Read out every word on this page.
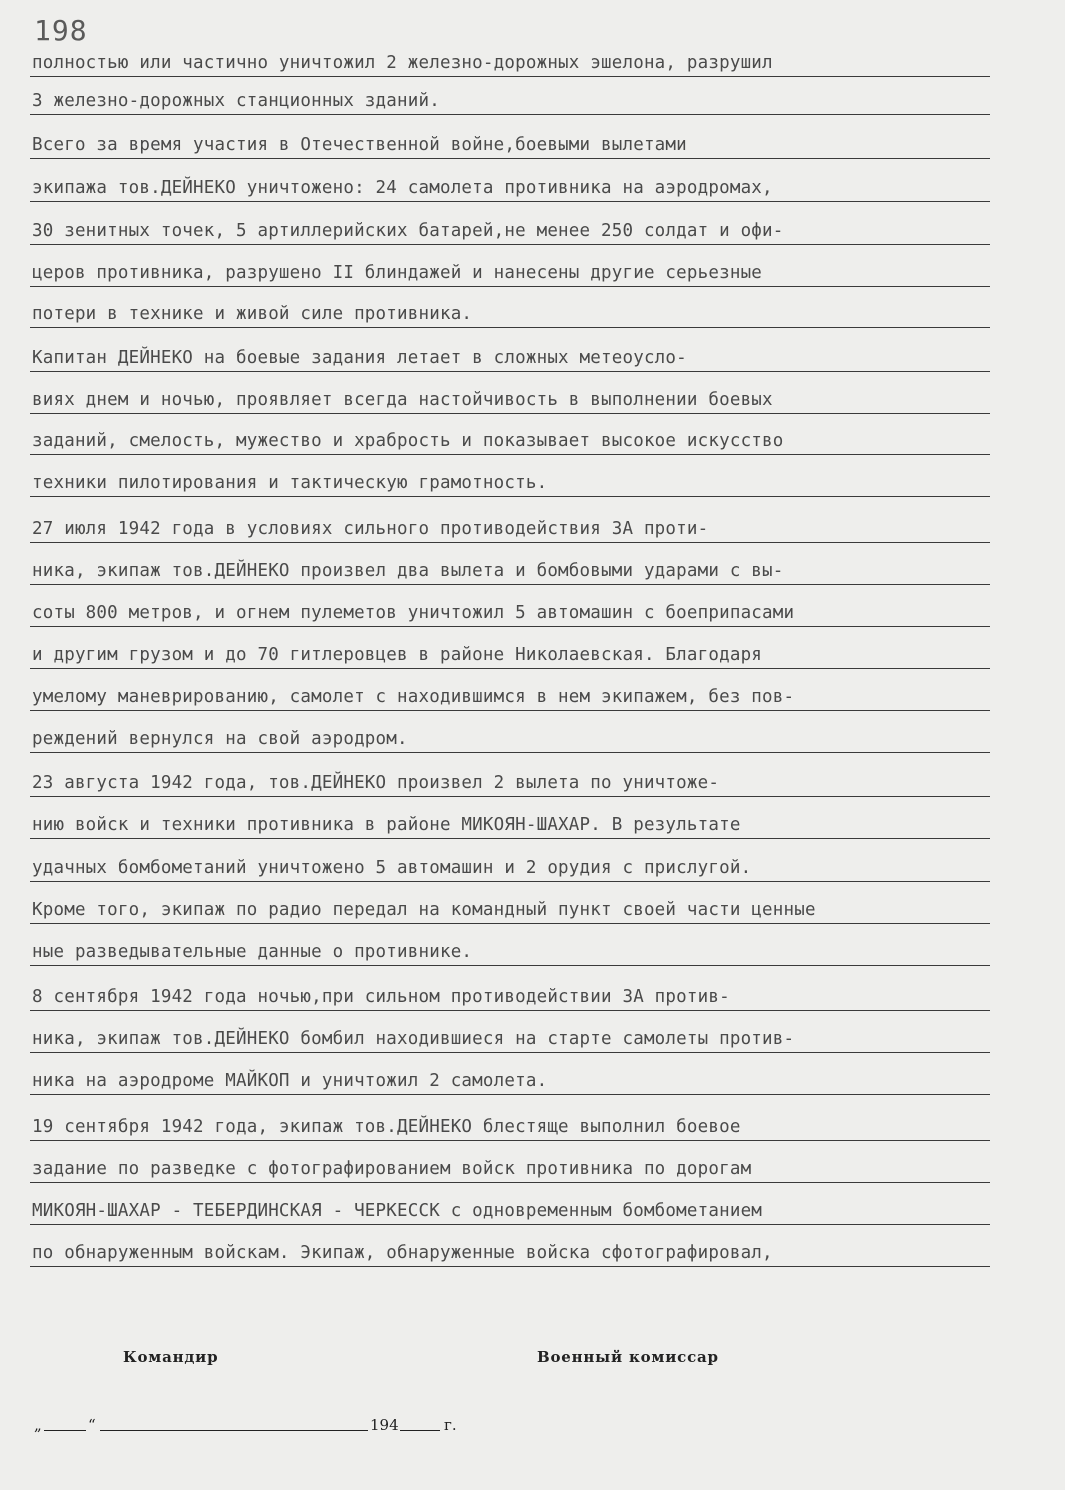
198
полностью или частично уничтожил 2 железно-дорожных эшелона, разрушил
3 железно-дорожных станционных зданий.
Всего за время участия в Отечественной войне,боевыми вылетами
экипажа тов.ДЕЙНЕКО уничтожено: 24 самолета противника на аэродромах,
30 зенитных точек, 5 артиллерийских батарей,не менее 250 солдат и офи-
церов противника, разрушено II блиндажей и нанесены другие серьезные
потери в технике и живой силе противника.
Капитан ДЕЙНЕКО на боевые задания летает в сложных метеоусло-
виях днем и ночью, проявляет всегда настойчивость в выполнении боевых
заданий, смелость, мужество и храбрость и показывает высокое искусство
техники пилотирования и тактическую грамотность.
27 июля 1942 года в условиях сильного противодействия ЗА проти-
ника, экипаж тов.ДЕЙНЕКО произвел два вылета и бомбовыми ударами с вы-
соты 800 метров, и огнем пулеметов уничтожил 5 автомашин с боеприпасами
и другим грузом и до 70 гитлеровцев в районе Николаевская. Благодаря
умелому маневрированию, самолет с находившимся в нем экипажем, без пов-
реждений вернулся на свой аэродром.
23 августа 1942 года, тов.ДЕЙНЕКО произвел 2 вылета по уничтоже-
нию войск и техники противника в районе МИКОЯН-ШАХАР. В результате
удачных бомбометаний уничтожено 5 автомашин и 2 орудия с прислугой.
Кроме того, экипаж по радио передал на командный пункт своей части ценные
ные разведывательные данные о противнике.
8 сентября 1942 года ночью,при сильном противодействии ЗА против-
ника, экипаж тов.ДЕЙНЕКО бомбил находившиеся на старте самолеты против-
ника на аэродроме МАЙКОП и уничтожил 2 самолета.
19 сентября 1942 года, экипаж тов.ДЕЙНЕКО блестяще выполнил боевое
задание по разведке с фотографированием войск противника по дорогам
МИКОЯН-ШАХАР - ТЕБЕРДИНСКАЯ - ЧЕРКЕССК с одновременным бомбометанием
по обнаруженным войскам. Экипаж, обнаруженные войска сфотографировал,
Командир	Военный комиссар
„	“	194	г.
